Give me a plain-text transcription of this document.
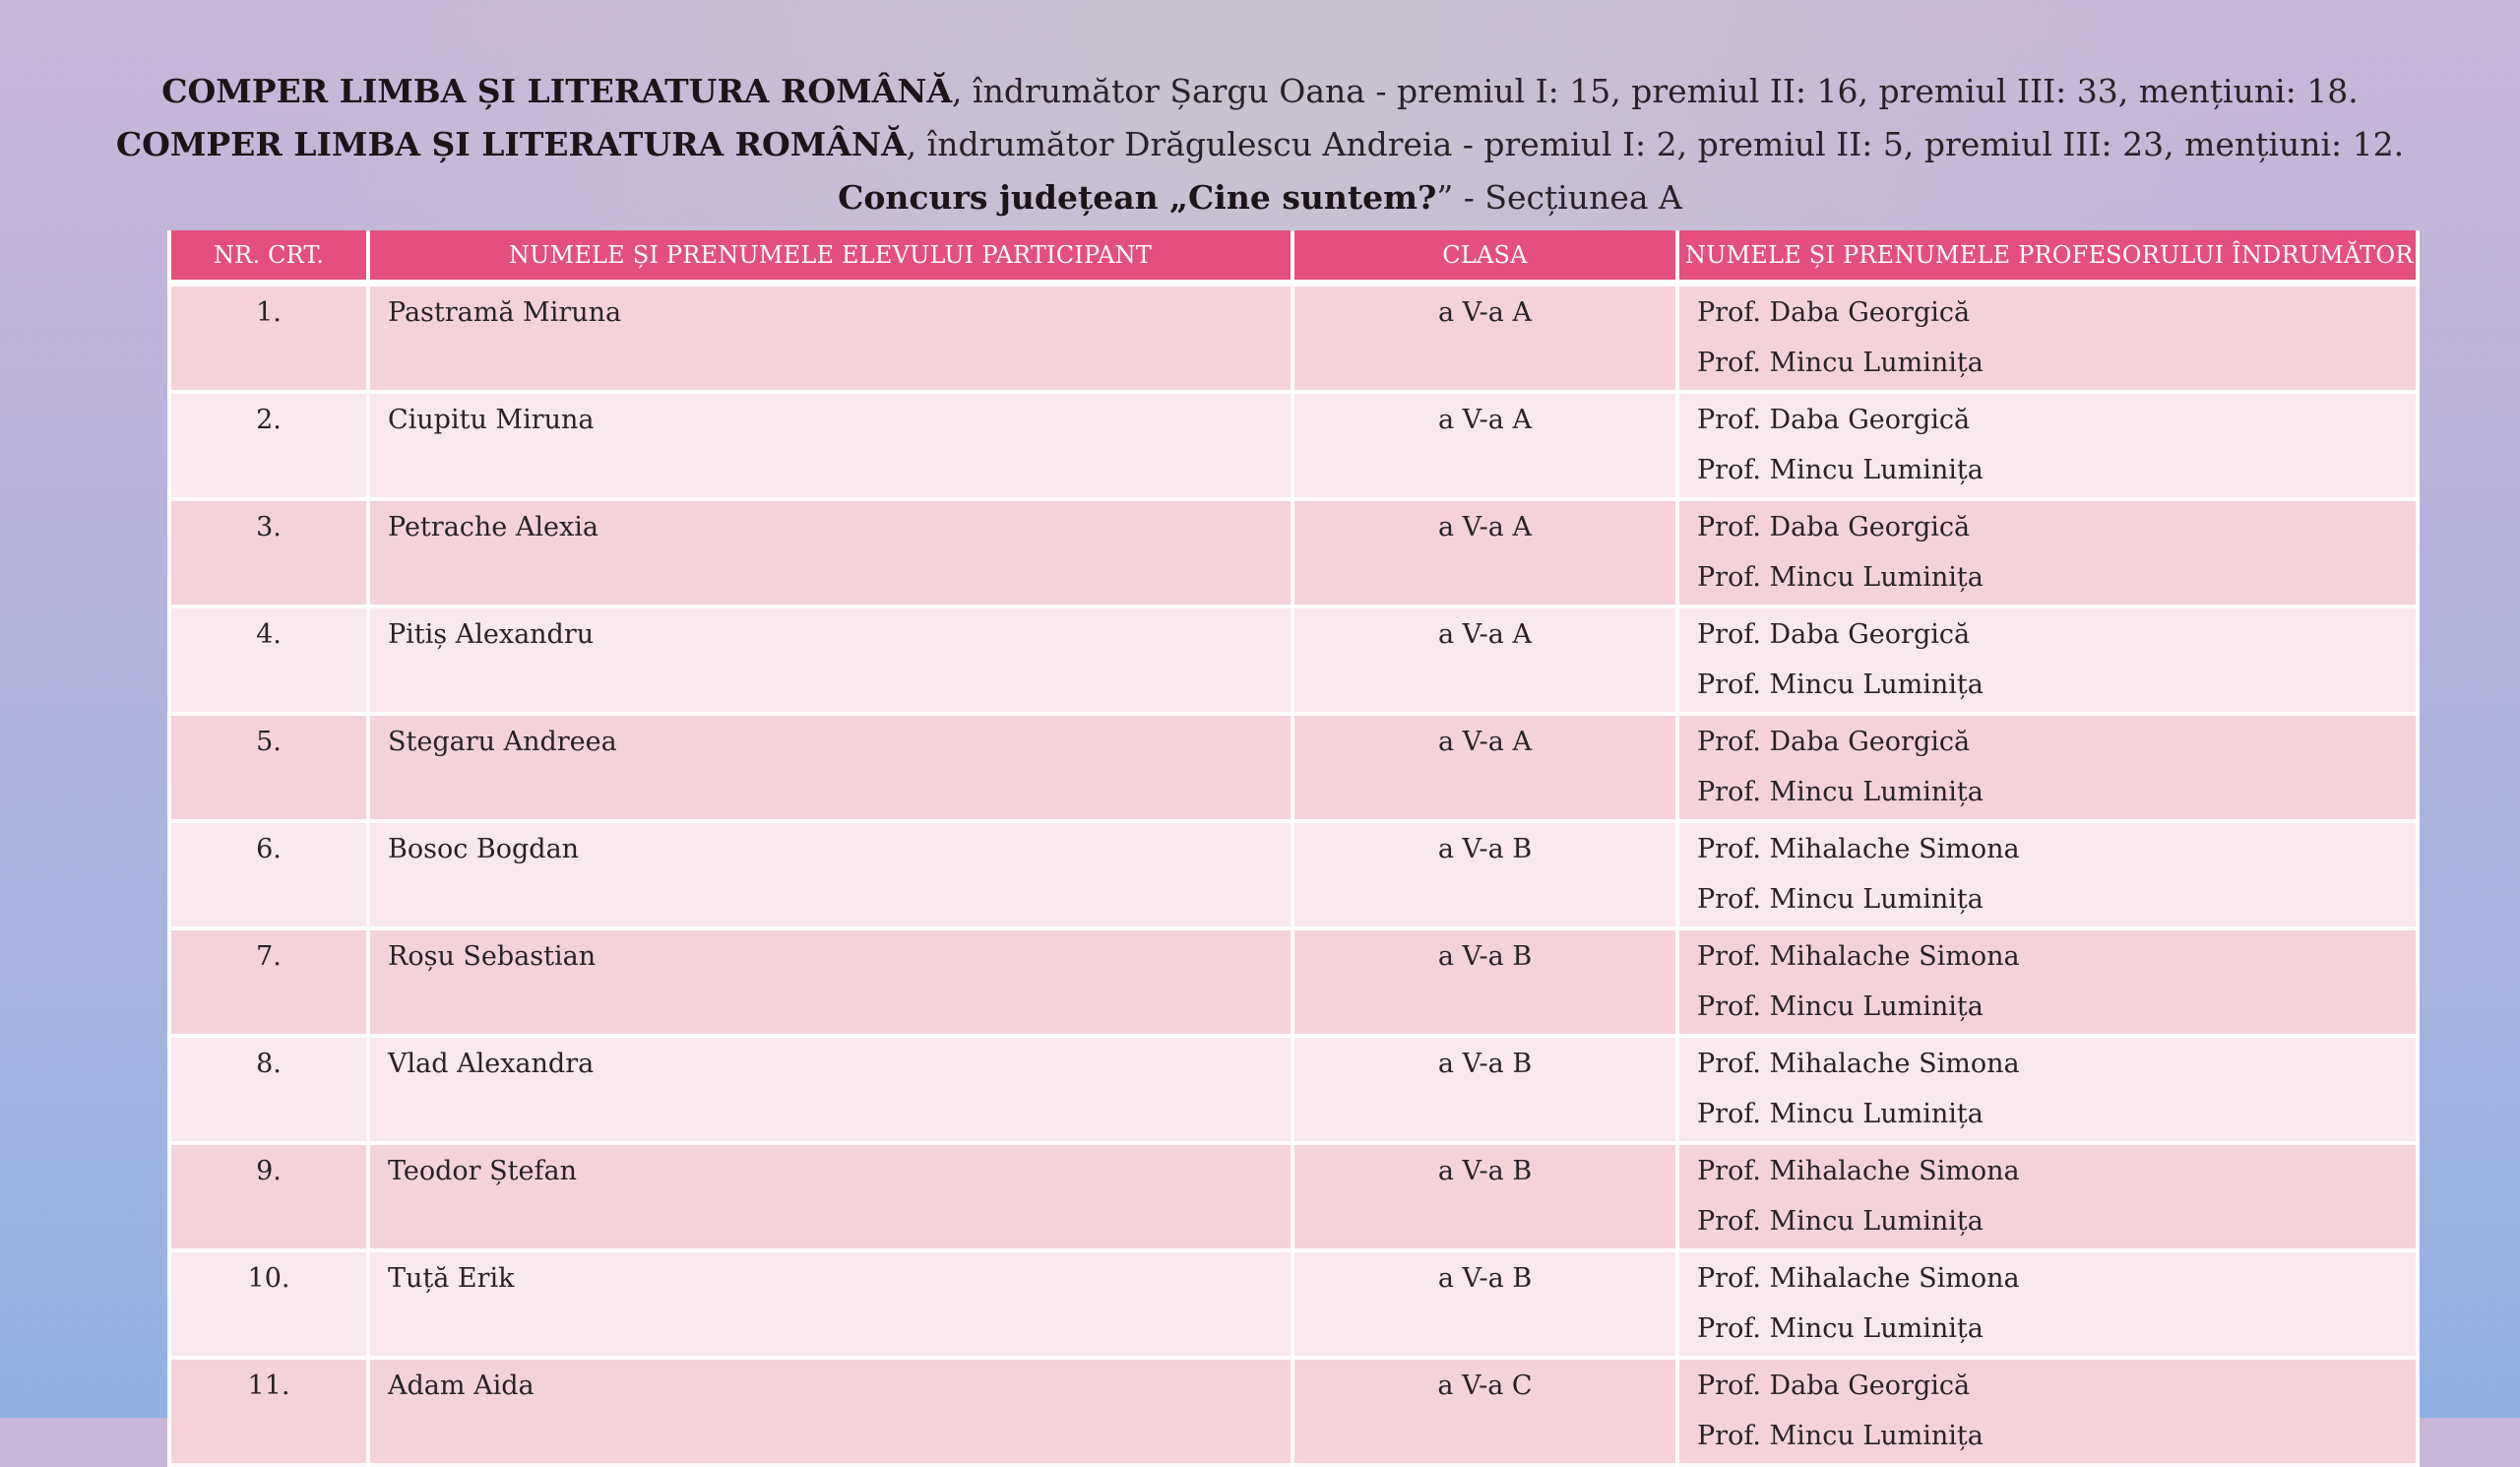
COMPER LIMBA ȘI LITERATURA ROMÂNĂ, îndrumător Șargu Oana - premiul I: 15, premiul II: 16, premiul III: 33, mențiuni: 18.
COMPER LIMBA ȘI LITERATURA ROMÂNĂ, îndrumător Drăgulescu Andreia - premiul I: 2, premiul II: 5, premiul III: 23, mențiuni: 12.
Concurs județean „Cine suntem?” - Secțiunea A
NR. CRT.	NUMELE ȘI PRENUMELE ELEVULUI PARTICIPANT	CLASA	NUMELE ȘI PRENUMELE PROFESORULUI ÎNDRUMĂTOR

1.	Pastramă Miruna	a V-a A	Prof. Daba Georgică
Prof. Mincu Luminița

2.	Ciupitu Miruna	a V-a A	Prof. Daba Georgică
Prof. Mincu Luminița

3.	Petrache Alexia	a V-a A	Prof. Daba Georgică
Prof. Mincu Luminița

4.	Pitiș Alexandru	a V-a A	Prof. Daba Georgică
Prof. Mincu Luminița

5.	Stegaru Andreea	a V-a A	Prof. Daba Georgică
Prof. Mincu Luminița

6.	Bosoc Bogdan	a V-a B	Prof. Mihalache Simona
Prof. Mincu Luminița

7.	Roșu Sebastian	a V-a B	Prof. Mihalache Simona
Prof. Mincu Luminița

8.	Vlad Alexandra	a V-a B	Prof. Mihalache Simona
Prof. Mincu Luminița

9.	Teodor Ștefan	a V-a B	Prof. Mihalache Simona
Prof. Mincu Luminița

10.	Tuță Erik	a V-a B	Prof. Mihalache Simona
Prof. Mincu Luminița

11.	Adam Aida	a V-a C	Prof. Daba Georgică
Prof. Mincu Luminița
